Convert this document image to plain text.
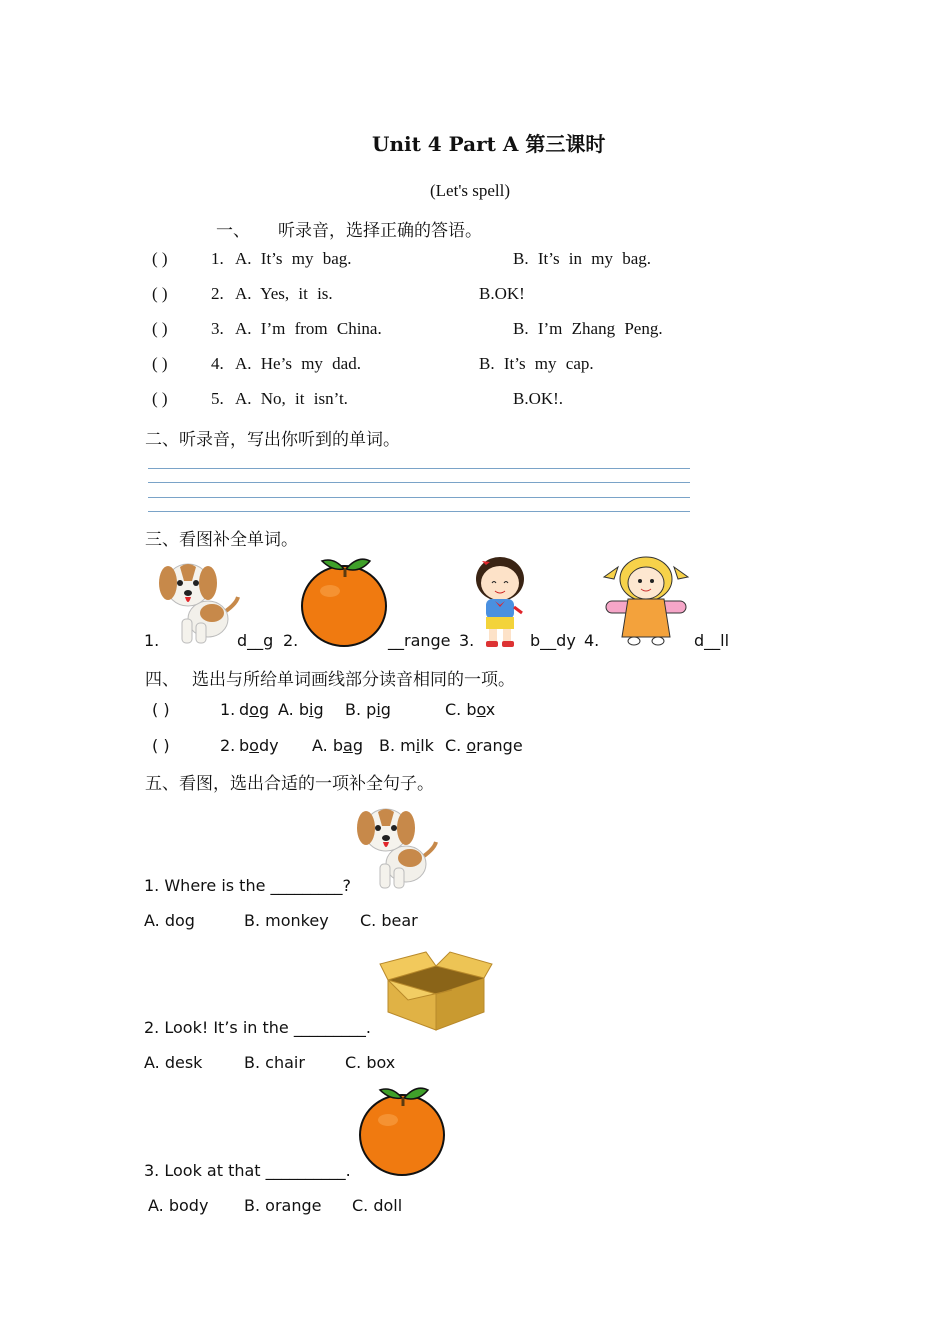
Unit 4 Part A 第三课时
(Let's spell)
一、 听录音，选择正确的答语。
( )	1. A. It’s my bag.	B. It’s in my bag.
( )	2. A. Yes, it is.	B.OK!
( )	3. A. I’m from China.	B. I’m Zhang Peng.
( )	4. A. He’s my dad.	B. It’s my cap.
( )	5. A. No, it isn’t.	B.OK!.
二、听录音，写出你听到的单词。
三、看图补全单词。
1.	d__g 2.	__range 3.	b__dy 4.	d__ll
四、 选出与所给单词画线部分读音相同的一项。
( )	1. dog A. big B. pig	C. box
( )	2. body A. bag B. milk C. orange
五、看图，选出合适的一项补全句子。
1. Where is the _________?
A. dog	B. monkey C. bear
2. Look! It’s in the _________.
A. desk	B. chair	C. box
3. Look at that __________.
A. body B. orange C. doll
